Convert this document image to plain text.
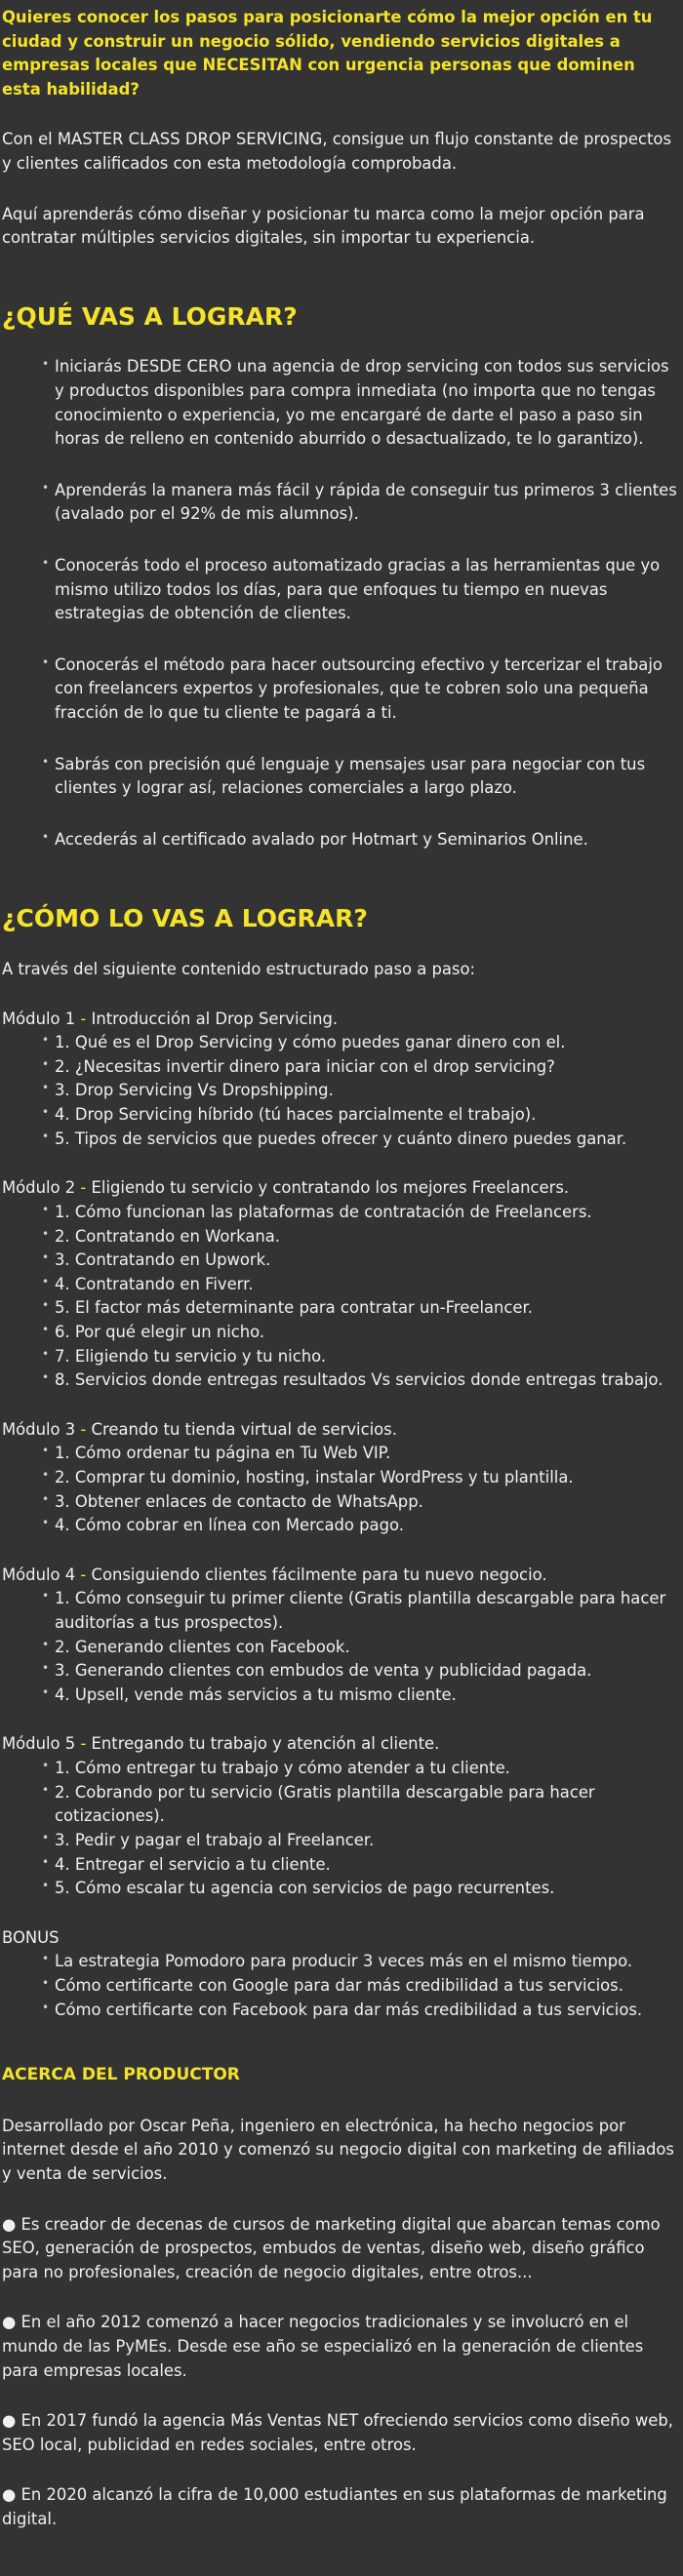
Quieres conocer los pasos para posicionarte cómo la mejor opción en tu ciudad y construir un negocio sólido, vendiendo servicios digitales a empresas locales que NECESITAN con urgencia personas que dominen esta habilidad?

Con el MASTER CLASS DROP SERVICING, consigue un flujo constante de prospectos y clientes calificados con esta metodología comprobada.

Aquí aprenderás cómo diseñar y posicionar tu marca como la mejor opción para contratar múltiples servicios digitales, sin importar tu experiencia.

¿QUÉ VAS A LOGRAR?
• Iniciarás DESDE CERO una agencia de drop servicing con todos sus servicios y productos disponibles para compra inmediata (no importa que no tengas conocimiento o experiencia, yo me encargaré de darte el paso a paso sin horas de relleno en contenido aburrido o desactualizado, te lo garantizo).
• Aprenderás la manera más fácil y rápida de conseguir tus primeros 3 clientes (avalado por el 92% de mis alumnos).
• Conocerás todo el proceso automatizado gracias a las herramientas que yo mismo utilizo todos los días, para que enfoques tu tiempo en nuevas estrategias de obtención de clientes.
• Conocerás el método para hacer outsourcing efectivo y tercerizar el trabajo con freelancers expertos y profesionales, que te cobren solo una pequeña fracción de lo que tu cliente te pagará a ti.
• Sabrás con precisión qué lenguaje y mensajes usar para negociar con tus clientes y lograr así, relaciones comerciales a largo plazo.
• Accederás al certificado avalado por Hotmart y Seminarios Online.
¿CÓMO LO VAS A LOGRAR?

A través del siguiente contenido estructurado paso a paso:

Módulo 1 - Introducción al Drop Servicing.

• 1. Qué es el Drop Servicing y cómo puedes ganar dinero con el.
• 2. ¿Necesitas invertir dinero para iniciar con el drop servicing?
• 3. Drop Servicing Vs Dropshipping.
• 4. Drop Servicing híbrido (tú haces parcialmente el trabajo).
• 5. Tipos de servicios que puedes ofrecer y cuánto dinero puedes ganar.

Módulo 2 - Eligiendo tu servicio y contratando los mejores Freelancers.

• 1. Cómo funcionan las plataformas de contratación de Freelancers.
• 2. Contratando en Workana.
• 3. Contratando en Upwork.
• 4. Contratando en Fiverr.
• 5. El factor más determinante para contratar un-Freelancer.
• 6. Por qué elegir un nicho.
• 7. Eligiendo tu servicio y tu nicho.
• 8. Servicios donde entregas resultados Vs servicios donde entregas trabajo.

Módulo 3 - Creando tu tienda virtual de servicios.

• 1. Cómo ordenar tu página en Tu Web VIP.
• 2. Comprar tu dominio, hosting, instalar WordPress y tu plantilla.
• 3. Obtener enlaces de contacto de WhatsApp.
• 4. Cómo cobrar en línea con Mercado pago.

Módulo 4 - Consiguiendo clientes fácilmente para tu nuevo negocio.

• 1. Cómo conseguir tu primer cliente (Gratis plantilla descargable para hacer auditorías a tus prospectos).
• 2. Generando clientes con Facebook.
• 3. Generando clientes con embudos de venta y publicidad pagada.
• 4. Upsell, vende más servicios a tu mismo cliente.

Módulo 5 - Entregando tu trabajo y atención al cliente.

• 1. Cómo entregar tu trabajo y cómo atender a tu cliente.
• 2. Cobrando por tu servicio (Gratis plantilla descargable para hacer cotizaciones).
• 3. Pedir y pagar el trabajo al Freelancer.
• 4. Entregar el servicio a tu cliente.
• 5. Cómo escalar tu agencia con servicios de pago recurrentes.

BONUS

• La estrategia Pomodoro para producir 3 veces más en el mismo tiempo.
• Cómo certificarte con Google para dar más credibilidad a tus servicios.
• Cómo certificarte con Facebook para dar más credibilidad a tus servicios.

ACERCA DEL PRODUCTOR

Desarrollado por Oscar Peña, ingeniero en electrónica, ha hecho negocios por internet desde el año 2010 y comenzó su negocio digital con marketing de afiliados y venta de servicios.

● Es creador de decenas de cursos de marketing digital que abarcan temas como SEO, generación de prospectos, embudos de ventas, diseño web, diseño gráfico para no profesionales, creación de negocio digitales, entre otros...

● En el año 2012 comenzó a hacer negocios tradicionales y se involucró en el mundo de las PyMEs. Desde ese año se especializó en la generación de clientes para empresas locales.

● En 2017 fundó la agencia Más Ventas NET ofreciendo servicios como diseño web, SEO local, publicidad en redes sociales, entre otros.

● En 2020 alcanzó la cifra de 10,000 estudiantes en sus plataformas de marketing digital.
